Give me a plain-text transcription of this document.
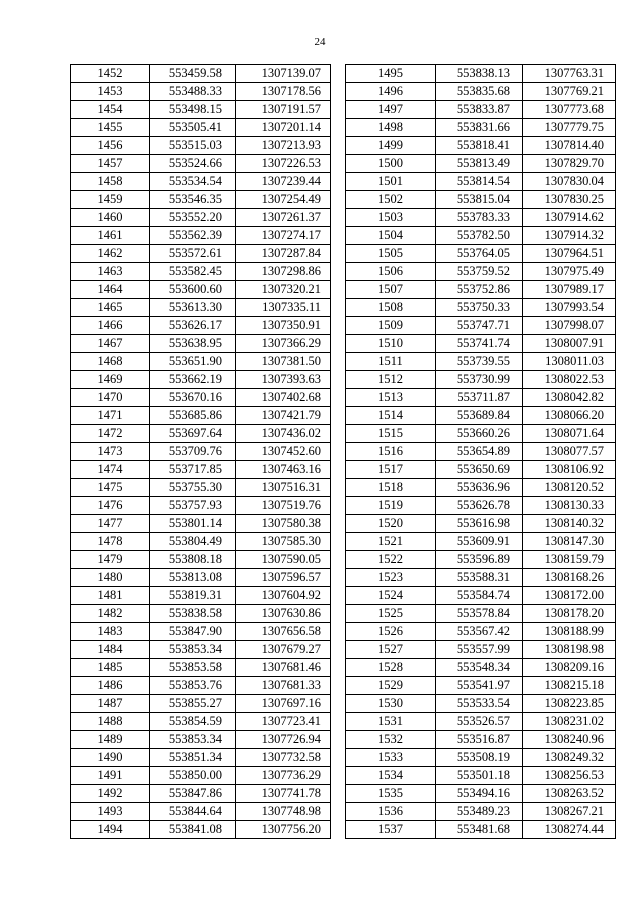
24
1452	553459.58	1307139.07
1453	553488.33	1307178.56
1454	553498.15	1307191.57
1455	553505.41	1307201.14
1456	553515.03	1307213.93
1457	553524.66	1307226.53
1458	553534.54	1307239.44
1459	553546.35	1307254.49
1460	553552.20	1307261.37
1461	553562.39	1307274.17
1462	553572.61	1307287.84
1463	553582.45	1307298.86
1464	553600.60	1307320.21
1465	553613.30	1307335.11
1466	553626.17	1307350.91
1467	553638.95	1307366.29
1468	553651.90	1307381.50
1469	553662.19	1307393.63
1470	553670.16	1307402.68
1471	553685.86	1307421.79
1472	553697.64	1307436.02
1473	553709.76	1307452.60
1474	553717.85	1307463.16
1475	553755.30	1307516.31
1476	553757.93	1307519.76
1477	553801.14	1307580.38
1478	553804.49	1307585.30
1479	553808.18	1307590.05
1480	553813.08	1307596.57
1481	553819.31	1307604.92
1482	553838.58	1307630.86
1483	553847.90	1307656.58
1484	553853.34	1307679.27
1485	553853.58	1307681.46
1486	553853.76	1307681.33
1487	553855.27	1307697.16
1488	553854.59	1307723.41
1489	553853.34	1307726.94
1490	553851.34	1307732.58
1491	553850.00	1307736.29
1492	553847.86	1307741.78
1493	553844.64	1307748.98
1494	553841.08	1307756.20
1495	553838.13	1307763.31
1496	553835.68	1307769.21
1497	553833.87	1307773.68
1498	553831.66	1307779.75
1499	553818.41	1307814.40
1500	553813.49	1307829.70
1501	553814.54	1307830.04
1502	553815.04	1307830.25
1503	553783.33	1307914.62
1504	553782.50	1307914.32
1505	553764.05	1307964.51
1506	553759.52	1307975.49
1507	553752.86	1307989.17
1508	553750.33	1307993.54
1509	553747.71	1307998.07
1510	553741.74	1308007.91
1511	553739.55	1308011.03
1512	553730.99	1308022.53
1513	553711.87	1308042.82
1514	553689.84	1308066.20
1515	553660.26	1308071.64
1516	553654.89	1308077.57
1517	553650.69	1308106.92
1518	553636.96	1308120.52
1519	553626.78	1308130.33
1520	553616.98	1308140.32
1521	553609.91	1308147.30
1522	553596.89	1308159.79
1523	553588.31	1308168.26
1524	553584.74	1308172.00
1525	553578.84	1308178.20
1526	553567.42	1308188.99
1527	553557.99	1308198.98
1528	553548.34	1308209.16
1529	553541.97	1308215.18
1530	553533.54	1308223.85
1531	553526.57	1308231.02
1532	553516.87	1308240.96
1533	553508.19	1308249.32
1534	553501.18	1308256.53
1535	553494.16	1308263.52
1536	553489.23	1308267.21
1537	553481.68	1308274.44
